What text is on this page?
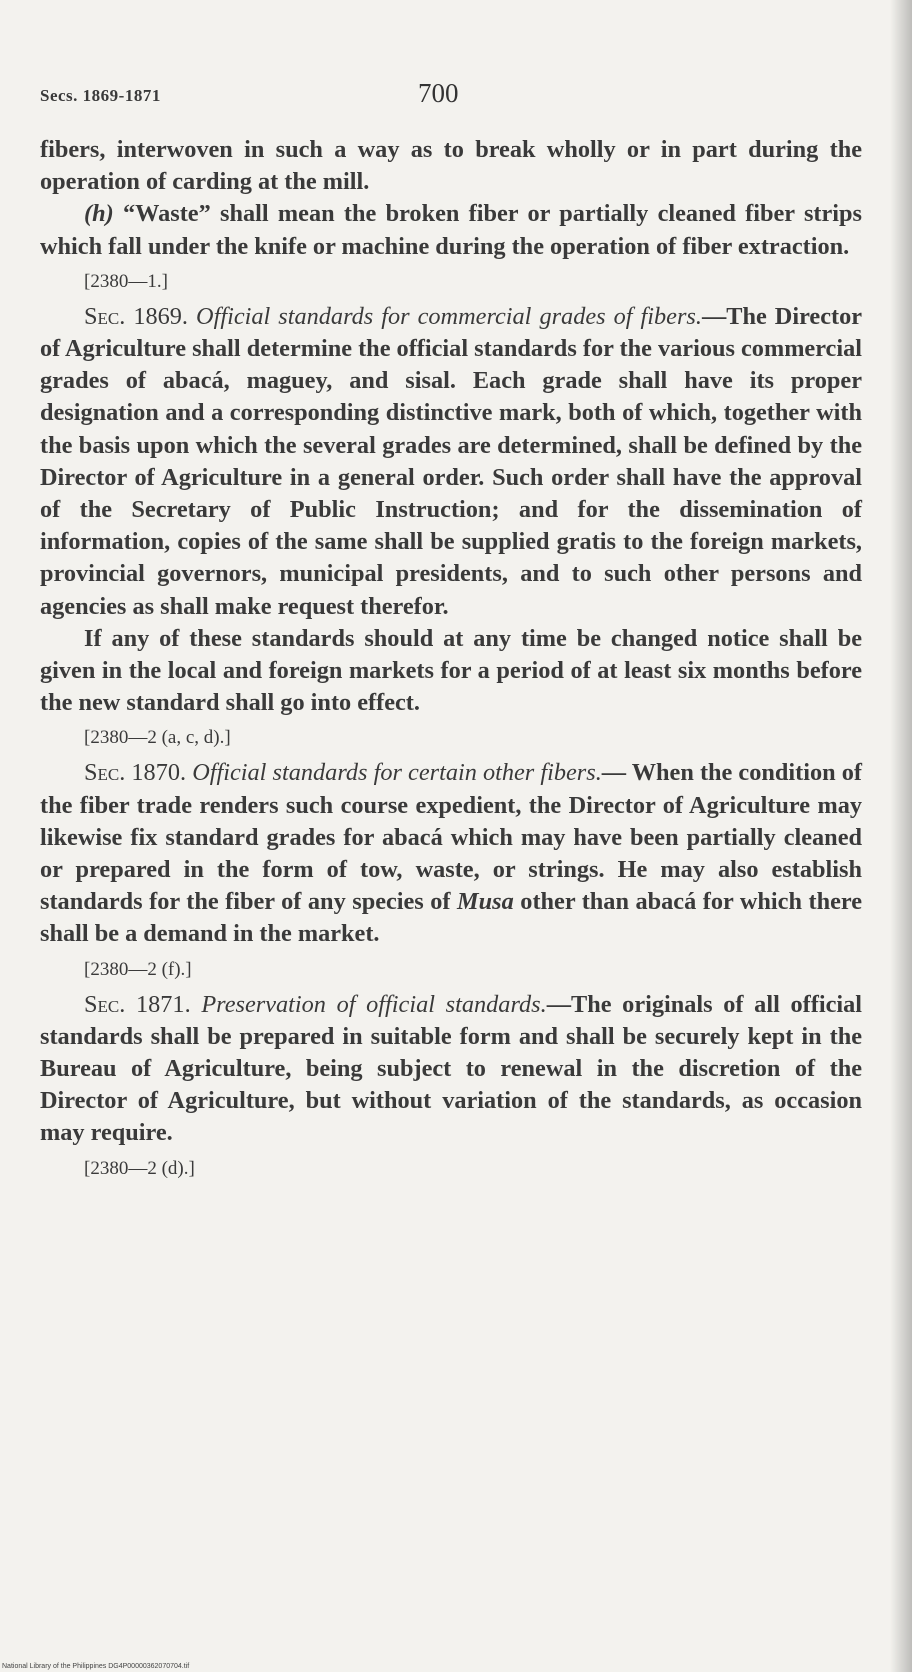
Secs. 1869-1871	700

fibers, interwoven in such a way as to break wholly or in part during the operation of carding at the mill.

(h) “Waste” shall mean the broken fiber or partially cleaned fiber strips which fall under the knife or machine during the operation of fiber extraction.

[2380—1.]

Sec. 1869. Official standards for commercial grades of fibers.—The Director of Agriculture shall determine the official standards for the various commercial grades of abacá, maguey, and sisal. Each grade shall have its proper designation and a corresponding distinctive mark, both of which, together with the basis upon which the several grades are determined, shall be defined by the Director of Agriculture in a general order. Such order shall have the approval of the Secretary of Public Instruction; and for the dissemination of information, copies of the same shall be supplied gratis to the foreign markets, provincial governors, municipal presidents, and to such other persons and agencies as shall make request therefor.

If any of these standards should at any time be changed notice shall be given in the local and foreign markets for a period of at least six months before the new standard shall go into effect.

[2380—2 (a, c, d).]

Sec. 1870. Official standards for certain other fibers.— When the condition of the fiber trade renders such course expedient, the Director of Agriculture may likewise fix standard grades for abacá which may have been partially cleaned or prepared in the form of tow, waste, or strings. He may also establish standards for the fiber of any species of Musa other than abacá for which there shall be a demand in the market.

[2380—2 (f).]

Sec. 1871. Preservation of official standards.—The originals of all official standards shall be prepared in suitable form and shall be securely kept in the Bureau of Agriculture, being subject to renewal in the discretion of the Director of Agriculture, but without variation of the standards, as occasion may require.

[2380—2 (d).]

National Library of the Philippines DG4P00000362070704.tif
